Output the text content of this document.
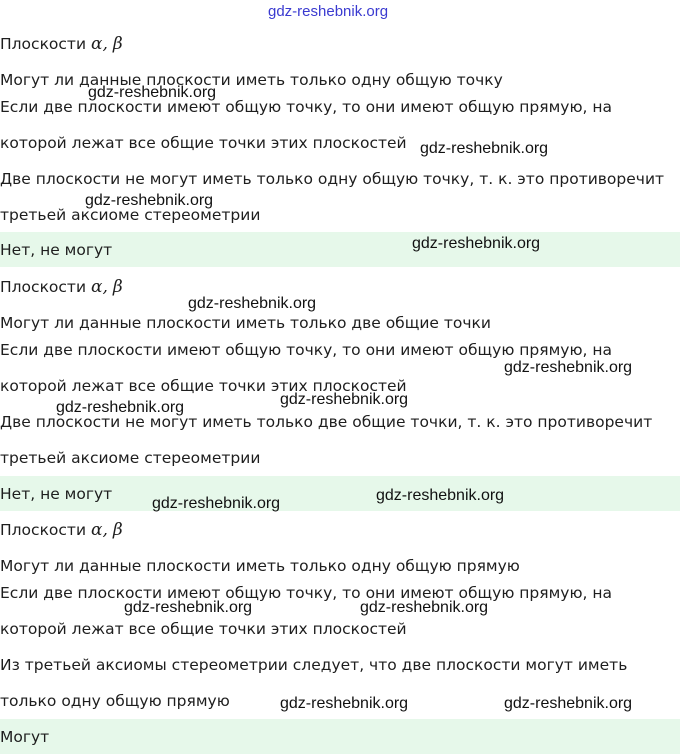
Плоскости α, β
Могут ли данные плоскости иметь только одну общую точку
Если две плоскости имеют общую точку, то они имеют общую прямую, на
которой лежат все общие точки этих плоскостей
Две плоскости не могут иметь только одну общую точку, т. к. это противоречит
третьей аксиоме стереометрии
Нет, не могут
Плоскости α, β
Могут ли данные плоскости иметь только две общие точки
Если две плоскости имеют общую точку, то они имеют общую прямую, на
которой лежат все общие точки этих плоскостей
Две плоскости не могут иметь только две общие точки, т. к. это противоречит
третьей аксиоме стереометрии
Нет, не могут
Плоскости α, β
Могут ли данные плоскости иметь только одну общую прямую
Если две плоскости имеют общую точку, то они имеют общую прямую, на
которой лежат все общие точки этих плоскостей
Из третьей аксиомы стереометрии следует, что две плоскости могут иметь
только одну общую прямую
Могут
gdz-reshebnik.org
gdz-reshebnik.org
gdz-reshebnik.org
gdz-reshebnik.org
gdz-reshebnik.org
gdz-reshebnik.org
gdz-reshebnik.org
gdz-reshebnik.org
gdz-reshebnik.org
gdz-reshebnik.org
gdz-reshebnik.org
gdz-reshebnik.org	gdz-reshebnik.org
gdz-reshebnik.org	gdz-reshebnik.org
